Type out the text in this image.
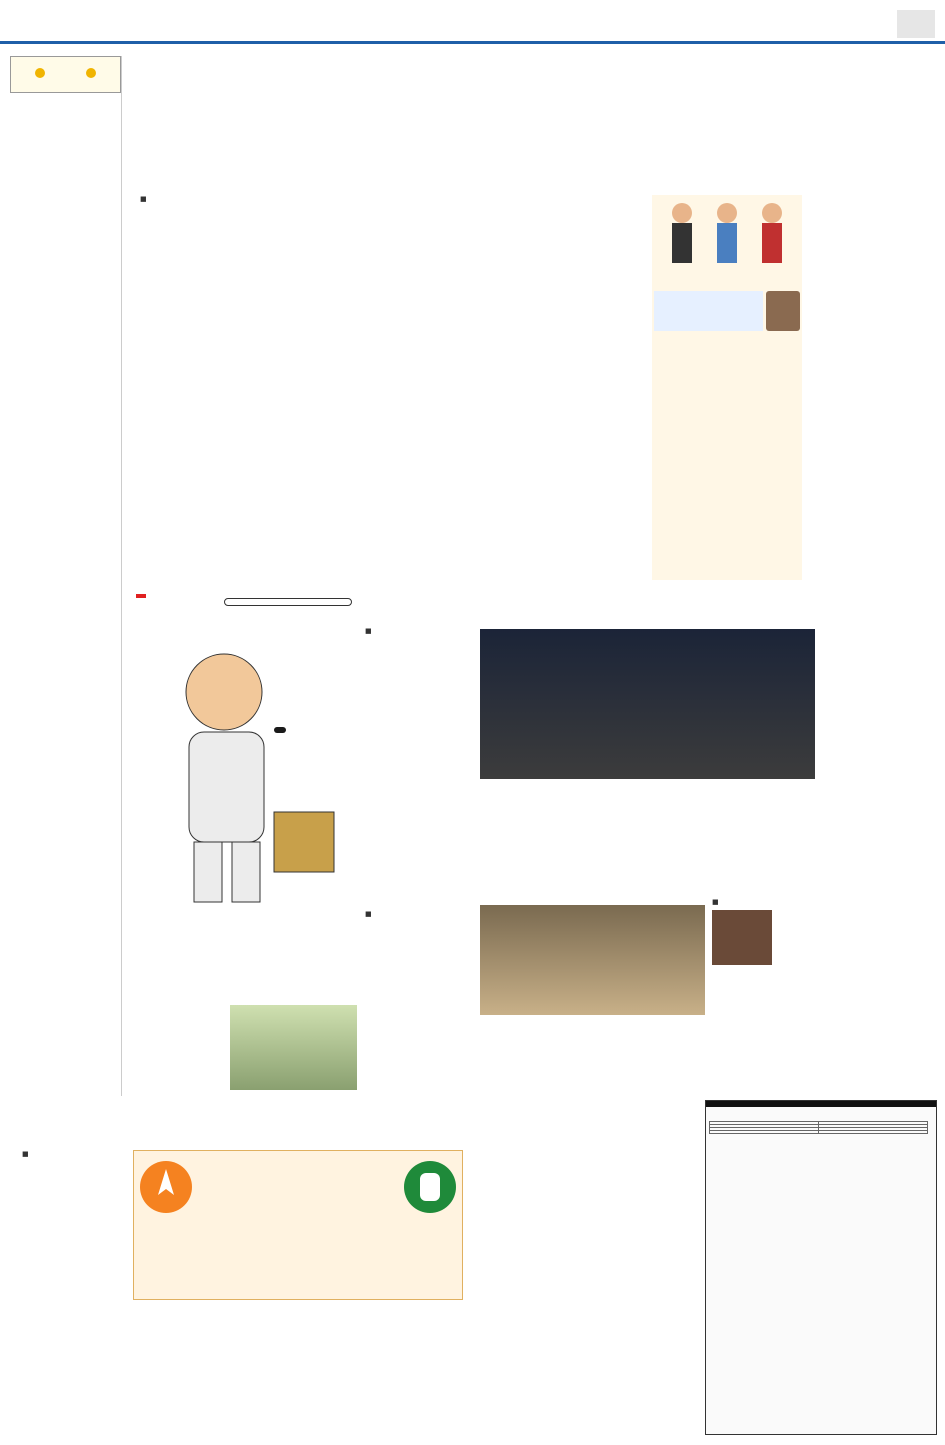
■
■
■
■
■
